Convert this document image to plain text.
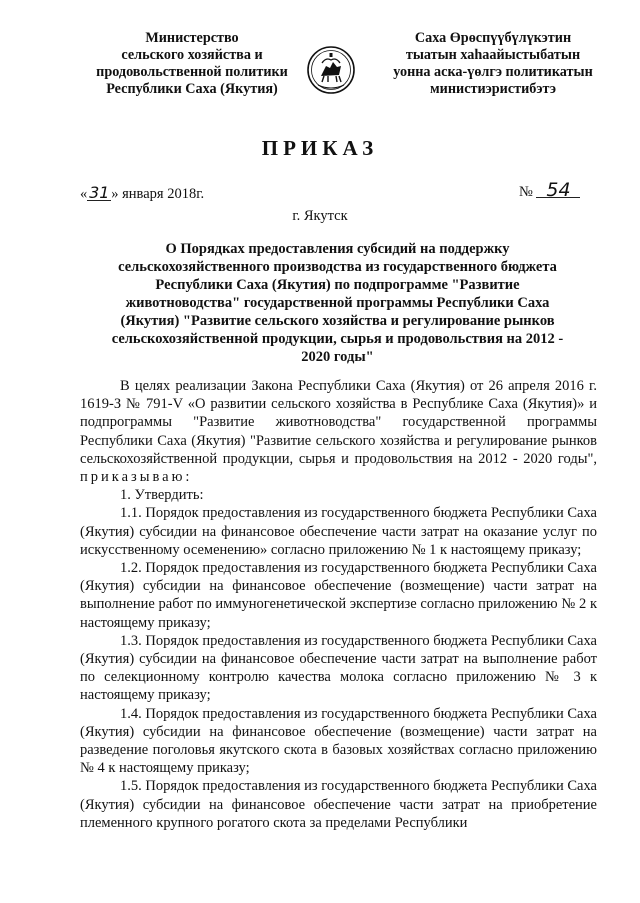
Министерство
сельского хозяйства и
продовольственной политики
Республики Саха (Якутия)
Саха Өрөспүүбүлүкэтин
тыатын хаһаайыстыбатын
уонна аска-үөлгэ политикатын
министиэристибэтэ
ПРИКАЗ
« 31 » января 2018г.	№ 54
г. Якутск
О Порядках предоставления субсидий на поддержку сельскохозяйственного производства из государственного бюджета Республики Саха (Якутия) по подпрограмме "Развитие животноводства" государственной программы Республики Саха (Якутия) "Развитие сельского хозяйства и регулирование рынков сельскохозяйственной продукции, сырья и продовольствия на 2012 - 2020 годы"

В целях реализации Закона Республики Саха (Якутия) от 26 апреля 2016 г. 1619-З № 791-V «О развитии сельского хозяйства в Республике Саха (Якутия)» и подпрограммы "Развитие животноводства" государственной программы Республики Саха (Якутия) "Развитие сельского хозяйства и регулирование рынков сельскохозяйственной продукции, сырья и продовольствия на 2012 - 2020 годы", приказываю:

1. Утвердить:

1.1. Порядок предоставления из государственного бюджета Республики Саха (Якутия) субсидии на финансовое обеспечение части затрат на оказание услуг по искусственному осеменению» согласно приложению № 1 к настоящему приказу;

1.2. Порядок предоставления из государственного бюджета Республики Саха (Якутия) субсидии на финансовое обеспечение (возмещение) части затрат на выполнение работ по иммуногенетической экспертизе согласно приложению № 2 к настоящему приказу;

1.3. Порядок предоставления из государственного бюджета Республики Саха (Якутия) субсидии на финансовое обеспечение части затрат на выполнение работ по селекционному контролю качества молока согласно приложению № 3 к настоящему приказу;

1.4. Порядок предоставления из государственного бюджета Республики Саха (Якутия) субсидии на финансовое обеспечение (возмещение) части затрат на разведение поголовья якутского скота в базовых хозяйствах согласно приложению № 4 к настоящему приказу;

1.5. Порядок предоставления из государственного бюджета Республики Саха (Якутия) субсидии на финансовое обеспечение части затрат на приобретение племенного крупного рогатого скота за пределами Республики
